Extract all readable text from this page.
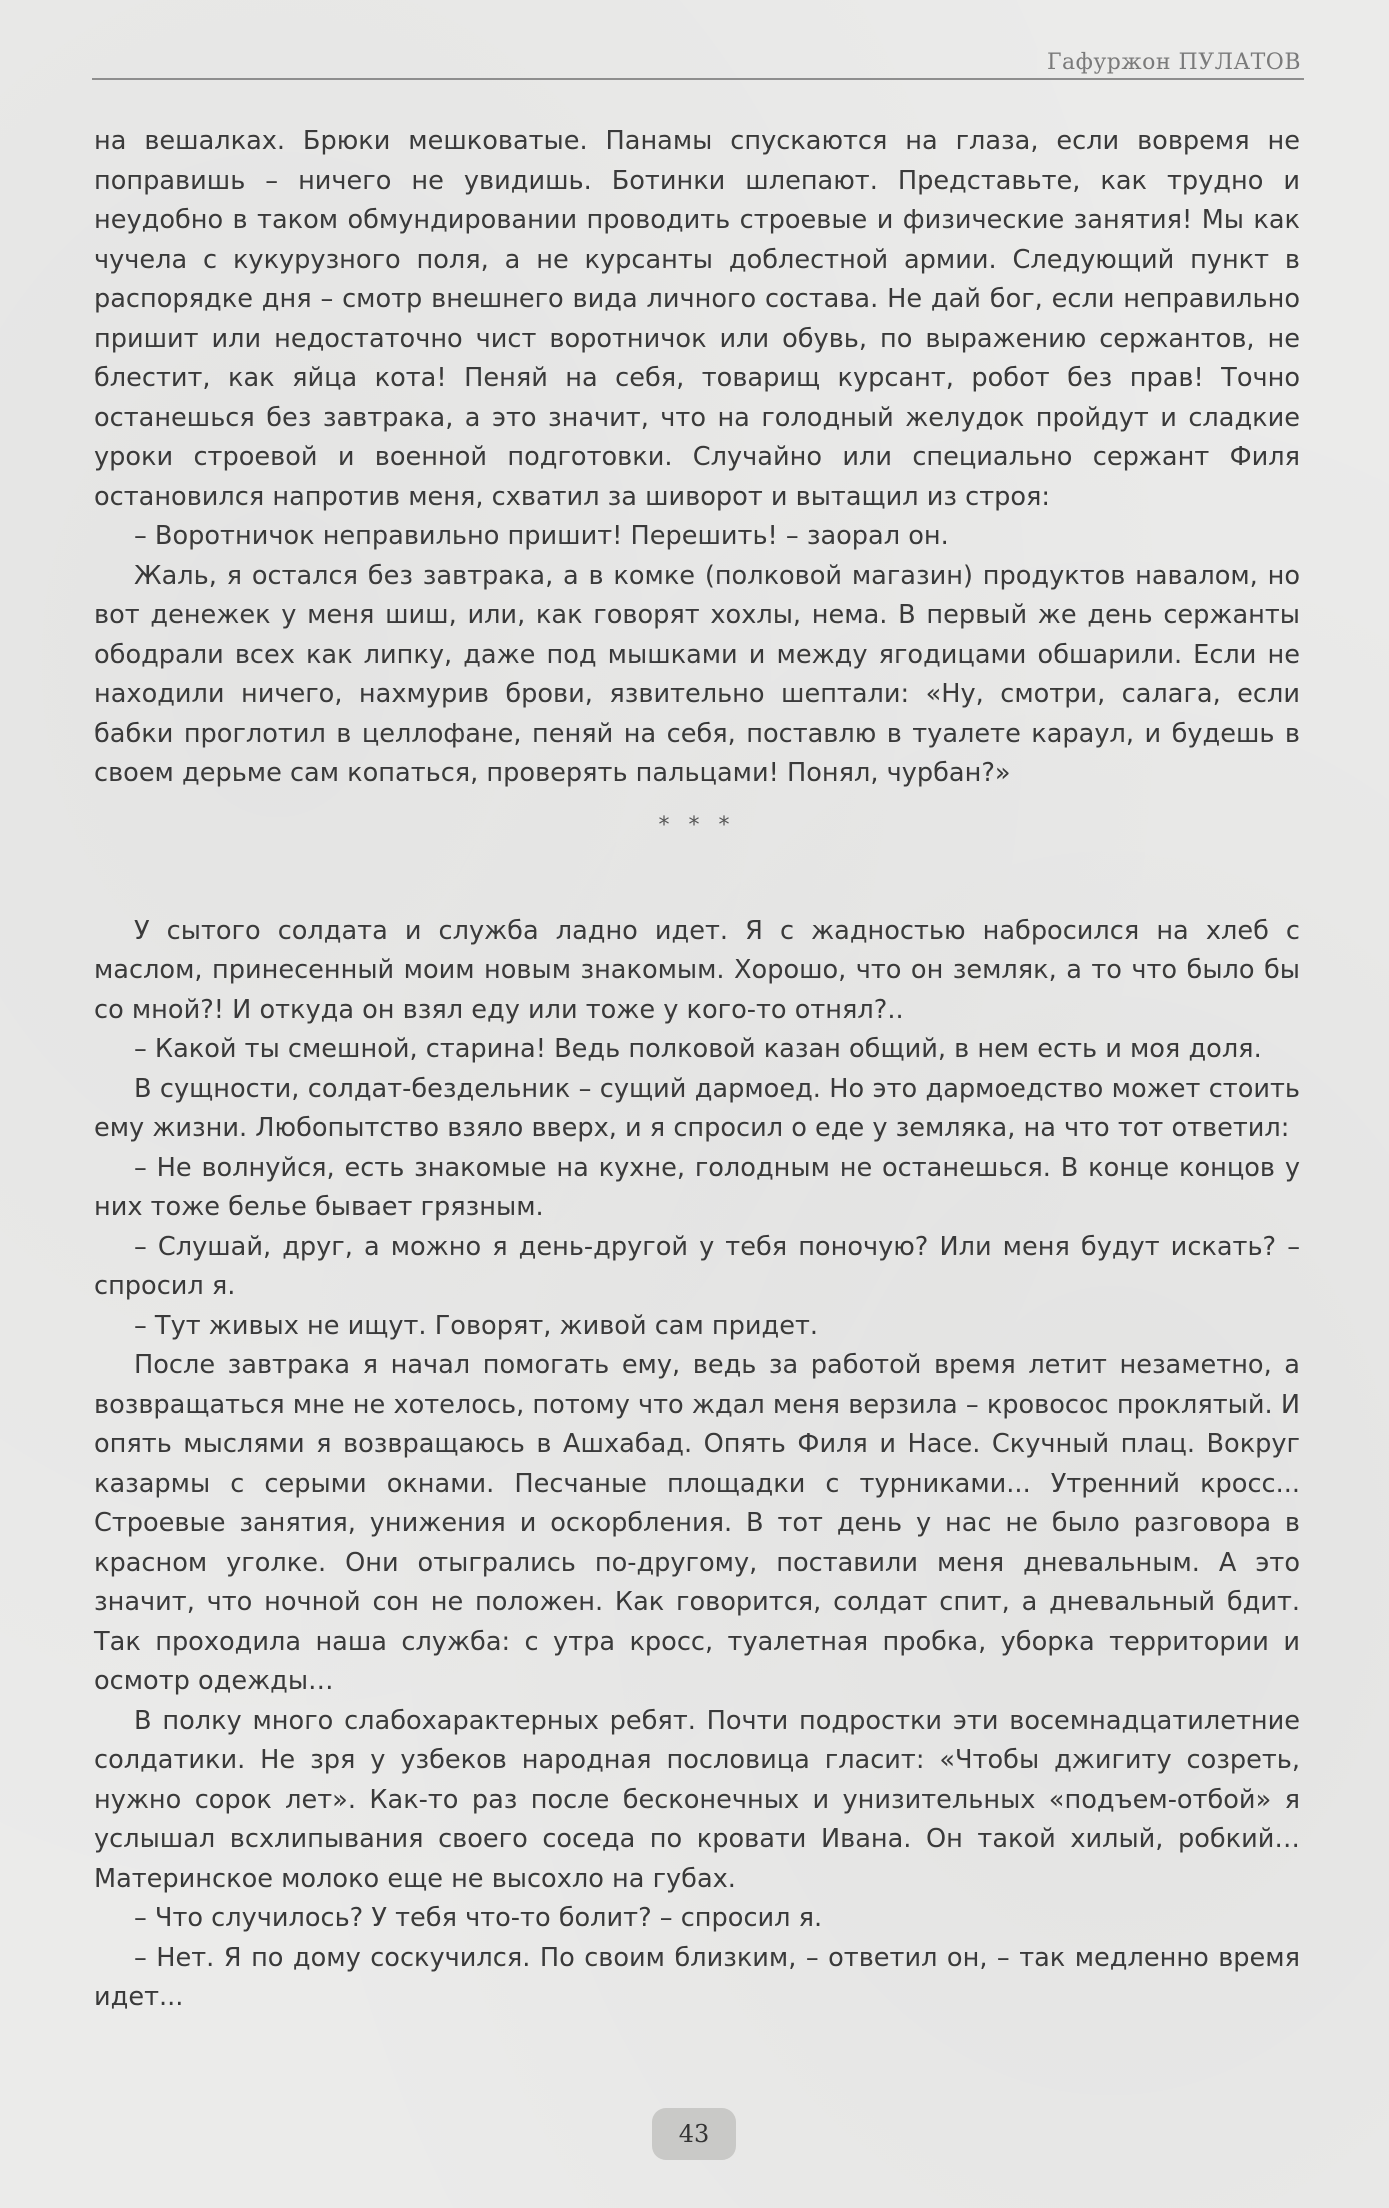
Гафуржон ПУЛАТОВ

на вешалках. Брюки мешковатые. Панамы спускаются на глаза, если вовремя не поправишь – ничего не увидишь. Ботинки шлепают. Представьте, как трудно и неудобно в таком обмундировании проводить строевые и физические занятия! Мы как чучела с кукурузного поля, а не курсанты доблестной армии. Следующий пункт в распорядке дня – смотр внешнего вида личного состава. Не дай бог, если неправильно пришит или недостаточно чист воротничок или обувь, по выражению сержантов, не блестит, как яйца кота! Пеняй на себя, товарищ курсант, робот без прав! Точно останешься без завтрака, а это значит, что на голодный желудок пройдут и сладкие уроки строевой и военной подготовки. Случайно или специально сержант Филя остановился напротив меня, схватил за шиворот и вытащил из строя:

– Воротничок неправильно пришит! Перешить! – заорал он.

Жаль, я остался без завтрака, а в комке (полковой магазин) продуктов навалом, но вот денежек у меня шиш, или, как говорят хохлы, нема. В первый же день сержанты ободрали всех как липку, даже под мышками и между ягодицами обшарили. Если не находили ничего, нахмурив брови, язвительно шептали: «Ну, смотри, салага, если бабки проглотил в целлофане, пеняй на себя, поставлю в туалете караул, и будешь в своем дерьме сам копаться, проверять пальцами! Понял, чурбан?»

* * *

У сытого солдата и служба ладно идет. Я с жадностью набросился на хлеб с маслом, принесенный моим новым знакомым. Хорошо, что он земляк, а то что было бы со мной?! И откуда он взял еду или тоже у кого-то отнял?..

– Какой ты смешной, старина! Ведь полковой казан общий, в нем есть и моя доля.

В сущности, солдат-бездельник – сущий дармоед. Но это дармоедство может стоить ему жизни. Любопытство взяло вверх, и я спросил о еде у земляка, на что тот ответил:

– Не волнуйся, есть знакомые на кухне, голодным не останешься. В конце концов у них тоже белье бывает грязным.

– Слушай, друг, а можно я день-другой у тебя поночую? Или меня будут искать? – спросил я.

– Тут живых не ищут. Говорят, живой сам придет.

После завтрака я начал помогать ему, ведь за работой время летит незаметно, а возвращаться мне не хотелось, потому что ждал меня верзила – кровосос проклятый. И опять мыслями я возвращаюсь в Ашхабад. Опять Филя и Насе. Скучный плац. Вокруг казармы с серыми окнами. Песчаные площадки с турниками... Утренний кросс... Строевые занятия, унижения и оскорбления. В тот день у нас не было разговора в красном уголке. Они отыгрались по-другому, поставили меня дневальным. А это значит, что ночной сон не положен. Как говорится, солдат спит, а дневальный бдит. Так проходила наша служба: с утра кросс, туалетная пробка, уборка территории и осмотр одежды…

В полку много слабохарактерных ребят. Почти подростки эти восемнадцатилетние солдатики. Не зря у узбеков народная пословица гласит: «Чтобы джигиту созреть, нужно сорок лет». Как-то раз после бесконечных и унизительных «подъем-отбой» я услышал всхлипывания своего соседа по кровати Ивана. Он такой хилый, робкий… Материнское молоко еще не высохло на губах.

– Что случилось? У тебя что-то болит? – спросил я.

– Нет. Я по дому соскучился. По своим близким, – ответил он, – так медленно время идет...

43
